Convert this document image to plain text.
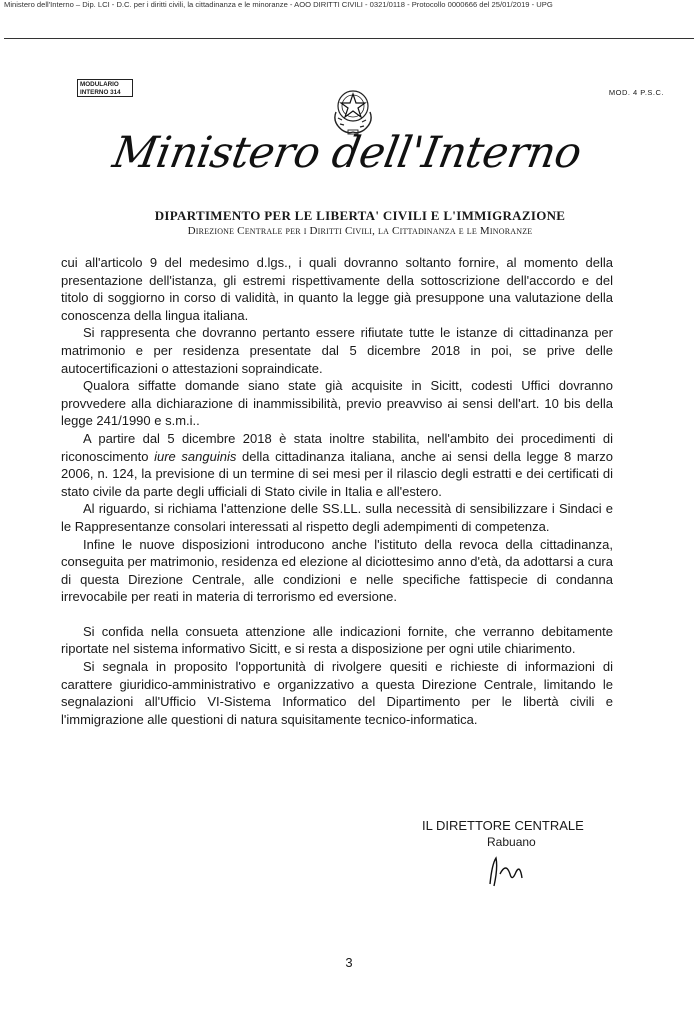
Ministero dell'Interno – Dip. LCI - D.C. per i diritti civili, la cittadinanza e le minoranze - AOO DIRITTI CIVILI - 0321/0118 - Protocollo 0000666 del 25/01/2019 - UPG
MODULARIO
INTERNO 314	MOD. 4 P.S.C.
Ministero dell'Interno
DIPARTIMENTO PER LE LIBERTA' CIVILI E L'IMMIGRAZIONE
Direzione Centrale per i Diritti Civili, la Cittadinanza e le Minoranze

cui all'articolo 9 del medesimo d.lgs., i quali dovranno soltanto fornire, al momento della presentazione dell'istanza, gli estremi rispettivamente della sottoscrizione dell'accordo e del titolo di soggiorno in corso di validità, in quanto la legge già presuppone una valutazione della conoscenza della lingua italiana.

Si rappresenta che dovranno pertanto essere rifiutate tutte le istanze di cittadinanza per matrimonio e per residenza presentate dal 5 dicembre 2018 in poi, se prive delle autocertificazioni o attestazioni sopraindicate.

Qualora siffatte domande siano state già acquisite in Sicitt, codesti Uffici dovranno provvedere alla dichiarazione di inammissibilità, previo preavviso ai sensi dell'art. 10 bis della legge 241/1990 e s.m.i..

A partire dal 5 dicembre 2018 è stata inoltre stabilita, nell'ambito dei procedimenti di riconoscimento iure sanguinis della cittadinanza italiana, anche ai sensi della legge 8 marzo 2006, n. 124, la previsione di un termine di sei mesi per il rilascio degli estratti e dei certificati di stato civile da parte degli ufficiali di Stato civile in Italia e all'estero.

Al riguardo, si richiama l'attenzione delle SS.LL. sulla necessità di sensibilizzare i Sindaci e le Rappresentanze consolari interessati al rispetto degli adempimenti di competenza.

Infine le nuove disposizioni introducono anche l'istituto della revoca della cittadinanza, conseguita per matrimonio, residenza ed elezione al diciottesimo anno d'età, da adottarsi a cura di questa Direzione Centrale, alle condizioni e nelle specifiche fattispecie di condanna irrevocabile per reati in materia di terrorismo ed eversione.

Si confida nella consueta attenzione alle indicazioni fornite, che verranno debitamente riportate nel sistema informativo Sicitt, e si resta a disposizione per ogni utile chiarimento.

Si segnala in proposito l'opportunità di rivolgere quesiti e richieste di informazioni di carattere giuridico-amministrativo e organizzativo a questa Direzione Centrale, limitando le segnalazioni all'Ufficio VI-Sistema Informatico del Dipartimento per le libertà civili e l'immigrazione alle questioni di natura squisitamente tecnico-informatica.

IL DIRETTORE CENTRALE
Rabuano
3
